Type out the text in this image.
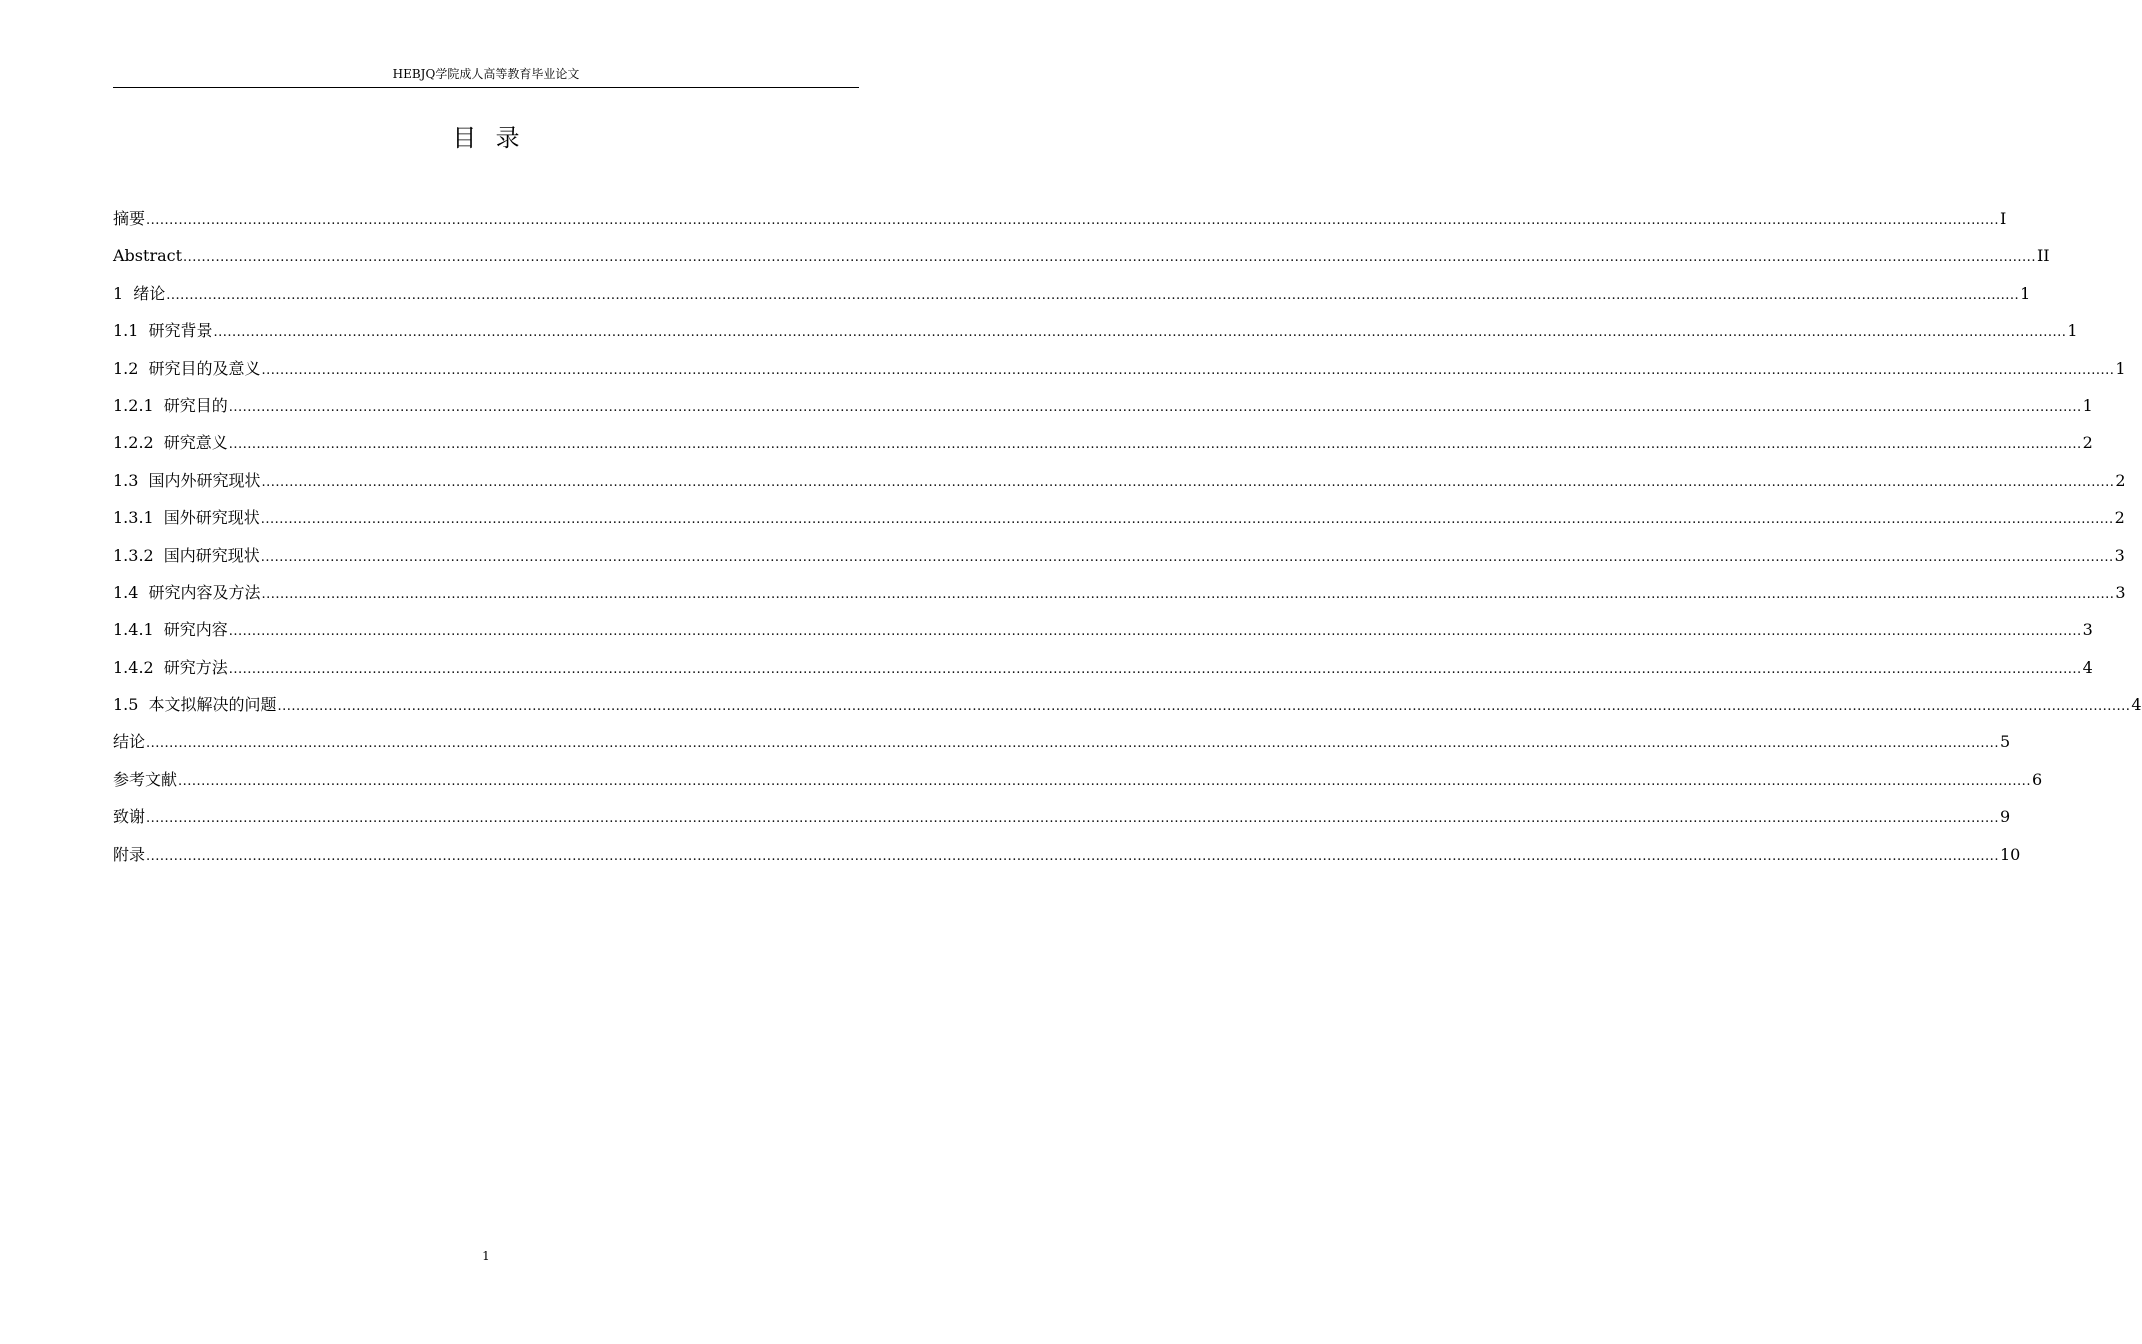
HEBJQ学院成人高等教育毕业论文
目录
摘要 ................................................................................................................................................................................................................................................................................................................................................................................................................ I
Abstract ................................................................................................................................................................................................................................................................................................................................................................................................................ II
1 绪论 ................................................................................................................................................................................................................................................................................................................................................................................................................ 1
1.1 研究背景 ................................................................................................................................................................................................................................................................................................................................................................................................................ 1
1.2 研究目的及意义 ................................................................................................................................................................................................................................................................................................................................................................................................................ 1
1.2.1 研究目的 ................................................................................................................................................................................................................................................................................................................................................................................................................ 1
1.2.2 研究意义 ................................................................................................................................................................................................................................................................................................................................................................................................................ 2
1.3 国内外研究现状 ................................................................................................................................................................................................................................................................................................................................................................................................................ 2
1.3.1 国外研究现状 ................................................................................................................................................................................................................................................................................................................................................................................................................ 2
1.3.2 国内研究现状 ................................................................................................................................................................................................................................................................................................................................................................................................................ 3
1.4 研究内容及方法 ................................................................................................................................................................................................................................................................................................................................................................................................................ 3
1.4.1 研究内容 ................................................................................................................................................................................................................................................................................................................................................................................................................ 3
1.4.2 研究方法 ................................................................................................................................................................................................................................................................................................................................................................................................................ 4
1.5 本文拟解决的问题 ................................................................................................................................................................................................................................................................................................................................................................................................................ 4
结论 ................................................................................................................................................................................................................................................................................................................................................................................................................ 5
参考文献 ................................................................................................................................................................................................................................................................................................................................................................................................................ 6
致谢 ................................................................................................................................................................................................................................................................................................................................................................................................................ 9
附录 ................................................................................................................................................................................................................................................................................................................................................................................................................ 10
1
